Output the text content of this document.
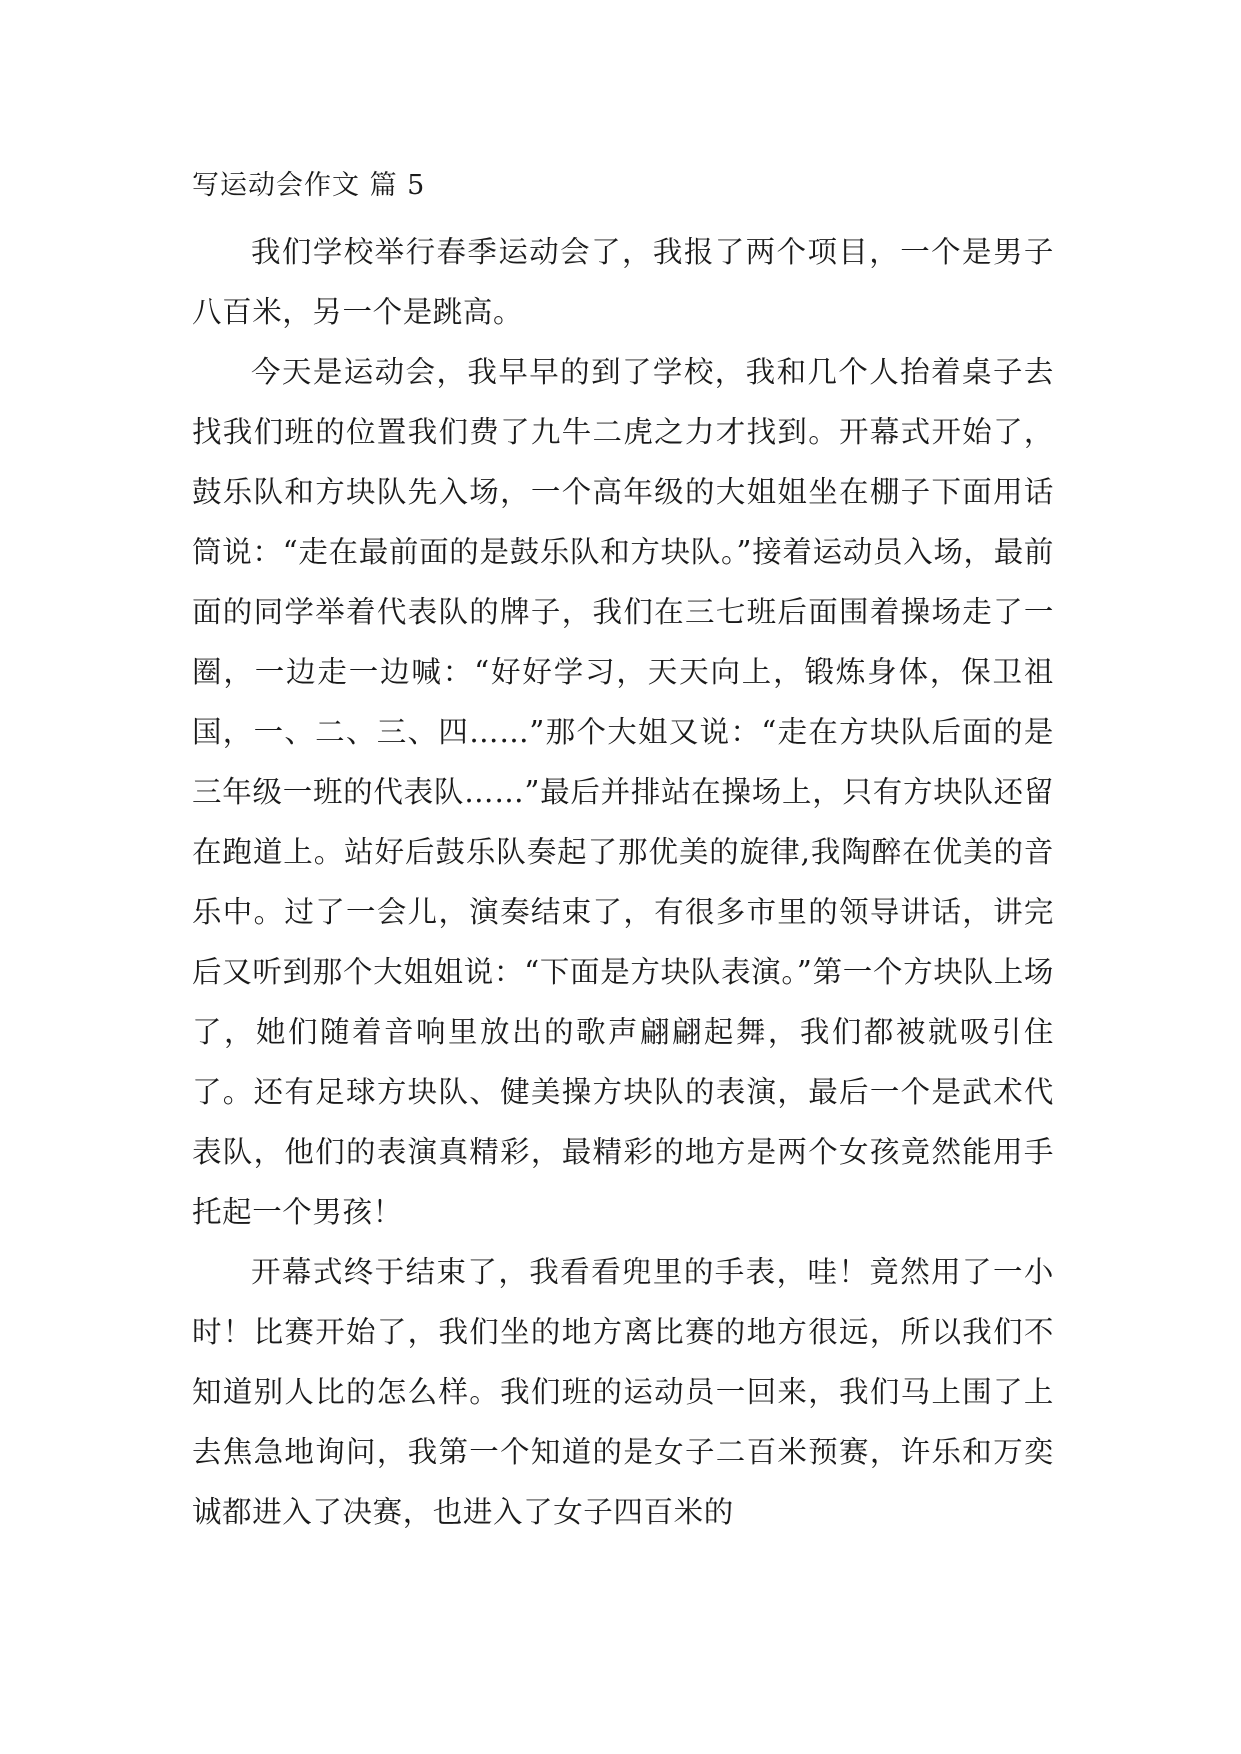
写运动会作文 篇 5

我们学校举行春季运动会了，我报了两个项目，一个是男子八百米，另一个是跳高。

今天是运动会，我早早的到了学校，我和几个人抬着桌子去找我们班的位置我们费了九牛二虎之力才找到。开幕式开始了，鼓乐队和方块队先入场，一个高年级的大姐姐坐在棚子下面用话筒说：“走在最前面的是鼓乐队和方块队。”接着运动员入场，最前面的同学举着代表队的牌子，我们在三七班后面围着操场走了一圈，一边走一边喊：“好好学习，天天向上，锻炼身体，保卫祖国，一、二、三、四……”那个大姐又说：“走在方块队后面的是三年级一班的代表队……”最后并排站在操场上，只有方块队还留在跑道上。站好后鼓乐队奏起了那优美的旋律,我陶醉在优美的音乐中。过了一会儿，演奏结束了，有很多市里的领导讲话，讲完后又听到那个大姐姐说：“下面是方块队表演。”第一个方块队上场了，她们随着音响里放出的歌声翩翩起舞，我们都被就吸引住了。还有足球方块队、健美操方块队的表演，最后一个是武术代表队，他们的表演真精彩，最精彩的地方是两个女孩竟然能用手托起一个男孩！

开幕式终于结束了，我看看兜里的手表，哇！竟然用了一小时！比赛开始了，我们坐的地方离比赛的地方很远，所以我们不知道别人比的怎么样。我们班的运动员一回来，我们马上围了上去焦急地询问，我第一个知道的是女子二百米预赛，许乐和万奕诚都进入了决赛，也进入了女子四百米的
